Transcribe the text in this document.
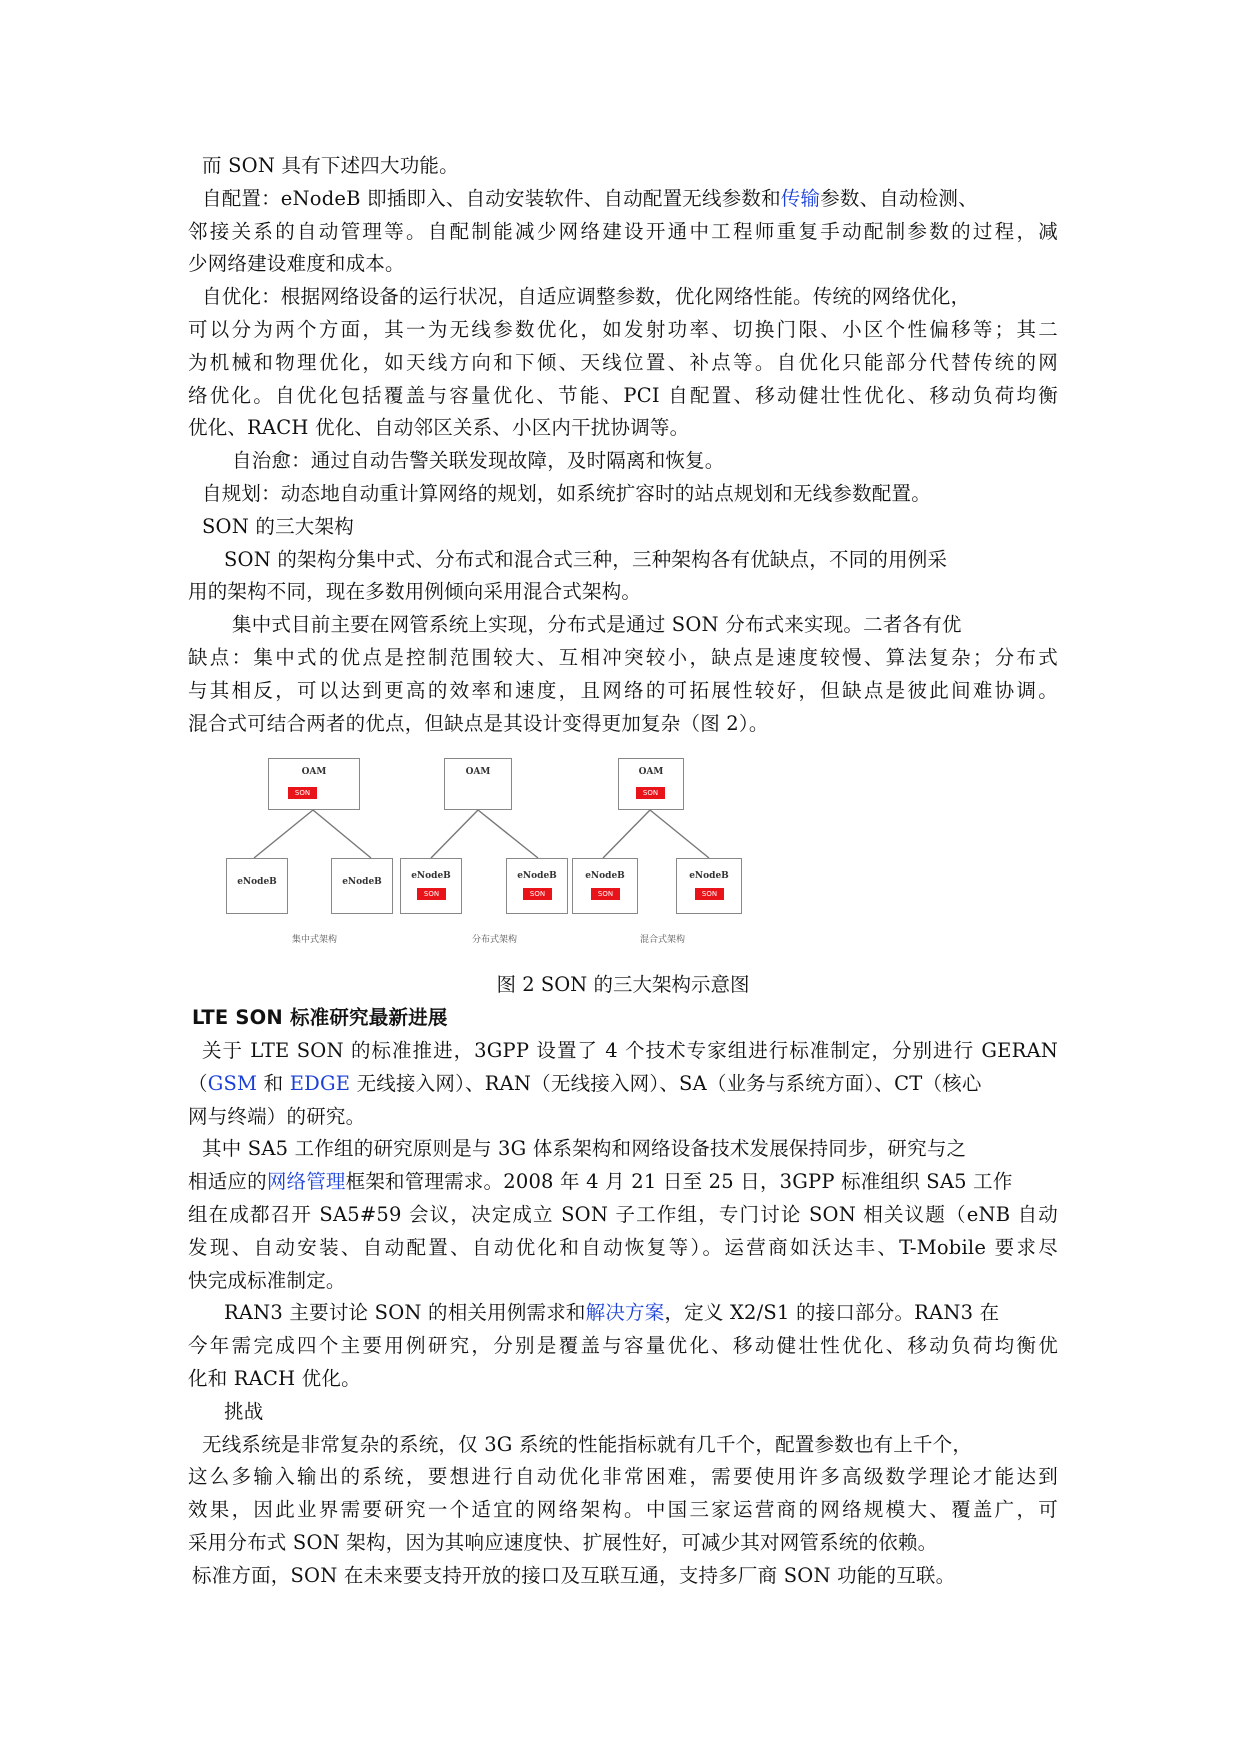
而 SON 具有下述四大功能。
自配置：eNodeB 即插即入、自动安装软件、自动配置无线参数和传输参数、自动检测、
邻接关系的自动管理等。自配制能减少网络建设开通中工程师重复手动配制参数的过程，减
少网络建设难度和成本。
自优化：根据网络设备的运行状况，自适应调整参数，优化网络性能。传统的网络优化，
可以分为两个方面，其一为无线参数优化，如发射功率、切换门限、小区个性偏移等；其二
为机械和物理优化，如天线方向和下倾、天线位置、补点等。自优化只能部分代替传统的网
络优化。自优化包括覆盖与容量优化、节能、PCI 自配置、移动健壮性优化、移动负荷均衡
优化、RACH 优化、自动邻区关系、小区内干扰协调等。
自治愈：通过自动告警关联发现故障，及时隔离和恢复。
自规划：动态地自动重计算网络的规划，如系统扩容时的站点规划和无线参数配置。
SON 的三大架构
SON 的架构分集中式、分布式和混合式三种，三种架构各有优缺点，不同的用例采
用的架构不同，现在多数用例倾向采用混合式架构。
集中式目前主要在网管系统上实现，分布式是通过 SON 分布式来实现。二者各有优
缺点：集中式的优点是控制范围较大、互相冲突较小，缺点是速度较慢、算法复杂；分布式
与其相反，可以达到更高的效率和速度，且网络的可拓展性较好，但缺点是彼此间难协调。
混合式可结合两者的优点，但缺点是其设计变得更加复杂（图 2）。
OAM
SON
eNodeB	eNodeB
OAM
eNodeB
SON
eNodeB
SON
OAM
SON
eNodeB
SON
eNodeB
SON
集中式架构	分布式架构	混合式架构
图 2 SON 的三大架构示意图
LTE SON 标准研究最新进展
关于 LTE SON 的标准推进，3GPP 设置了 4 个技术专家组进行标准制定，分别进行 GERAN
（GSM 和 EDGE 无线接入网）、RAN（无线接入网）、SA（业务与系统方面）、CT（核心
网与终端）的研究。
其中 SA5 工作组的研究原则是与 3G 体系架构和网络设备技术发展保持同步，研究与之
相适应的网络管理框架和管理需求。2008 年 4 月 21 日至 25 日，3GPP 标准组织 SA5 工作
组在成都召开 SA5#59 会议，决定成立 SON 子工作组，专门讨论 SON 相关议题（eNB 自动
发现、自动安装、自动配置、自动优化和自动恢复等）。运营商如沃达丰、T-Mobile 要求尽
快完成标准制定。
RAN3 主要讨论 SON 的相关用例需求和解决方案，定义 X2/S1 的接口部分。RAN3 在
今年需完成四个主要用例研究，分别是覆盖与容量优化、移动健壮性优化、移动负荷均衡优
化和 RACH 优化。
挑战
无线系统是非常复杂的系统，仅 3G 系统的性能指标就有几千个，配置参数也有上千个，
这么多输入输出的系统，要想进行自动优化非常困难，需要使用许多高级数学理论才能达到
效果，因此业界需要研究一个适宜的网络架构。中国三家运营商的网络规模大、覆盖广，可
采用分布式 SON 架构，因为其响应速度快、扩展性好，可减少其对网管系统的依赖。
标准方面，SON 在未来要支持开放的接口及互联互通，支持多厂商 SON 功能的互联。
